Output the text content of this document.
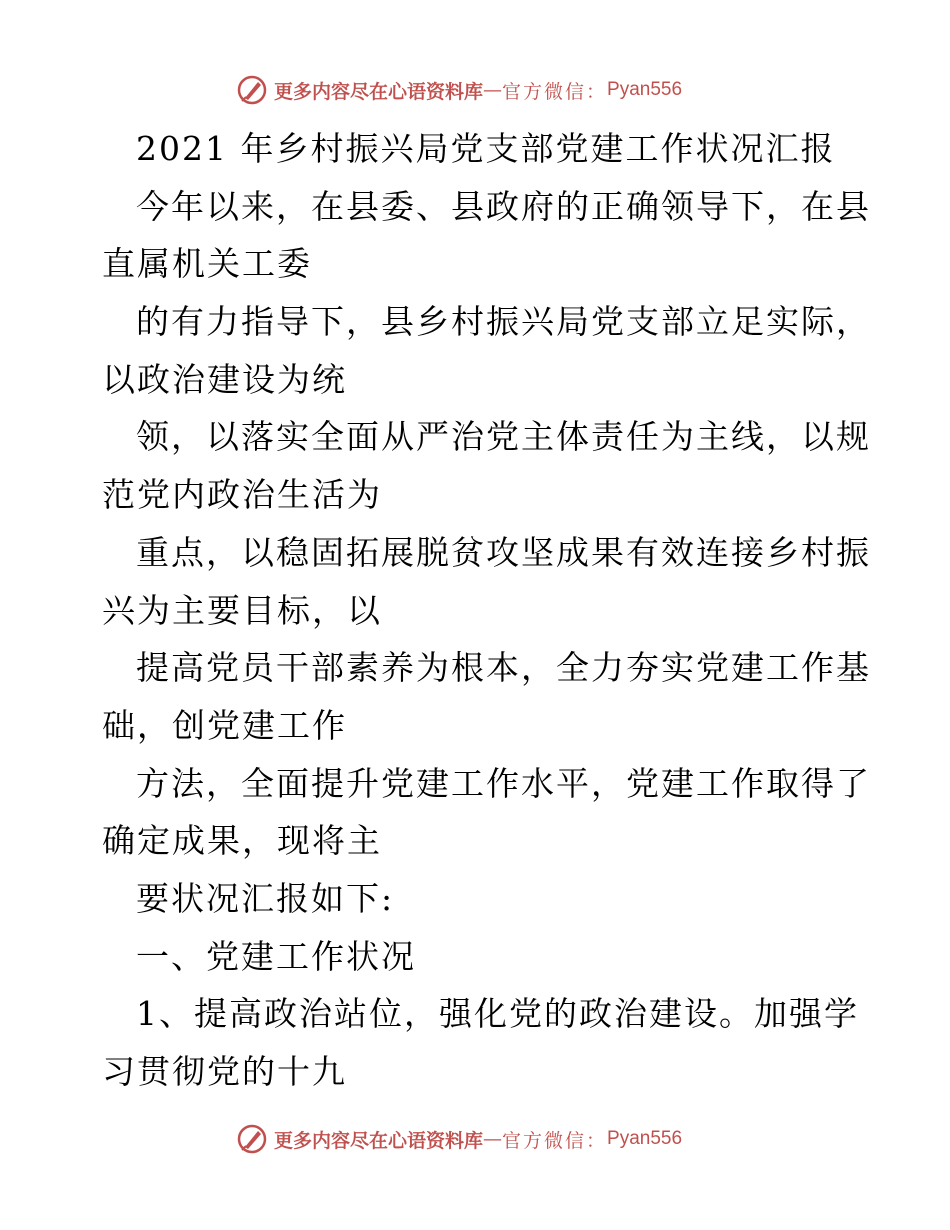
更多内容尽在心语资料库 — 官方微信： Pyan556
2021 年乡村振兴局党支部党建工作状况汇报
今年以来，在县委、县政府的正确领导下，在县
直属机关工委
的有力指导下，县乡村振兴局党支部立足实际，
以政治建设为统
领，以落实全面从严治党主体责任为主线，以规
范党内政治生活为
重点，以稳固拓展脱贫攻坚成果有效连接乡村振
兴为主要目标，以
提高党员干部素养为根本，全力夯实党建工作基
础，创党建工作
方法，全面提升党建工作水平，党建工作取得了
确定成果，现将主
要状况汇报如下:
一、党建工作状况
1、提高政治站位，强化党的政治建设。加强学
习贯彻党的十九
更多内容尽在心语资料库 — 官方微信： Pyan556
